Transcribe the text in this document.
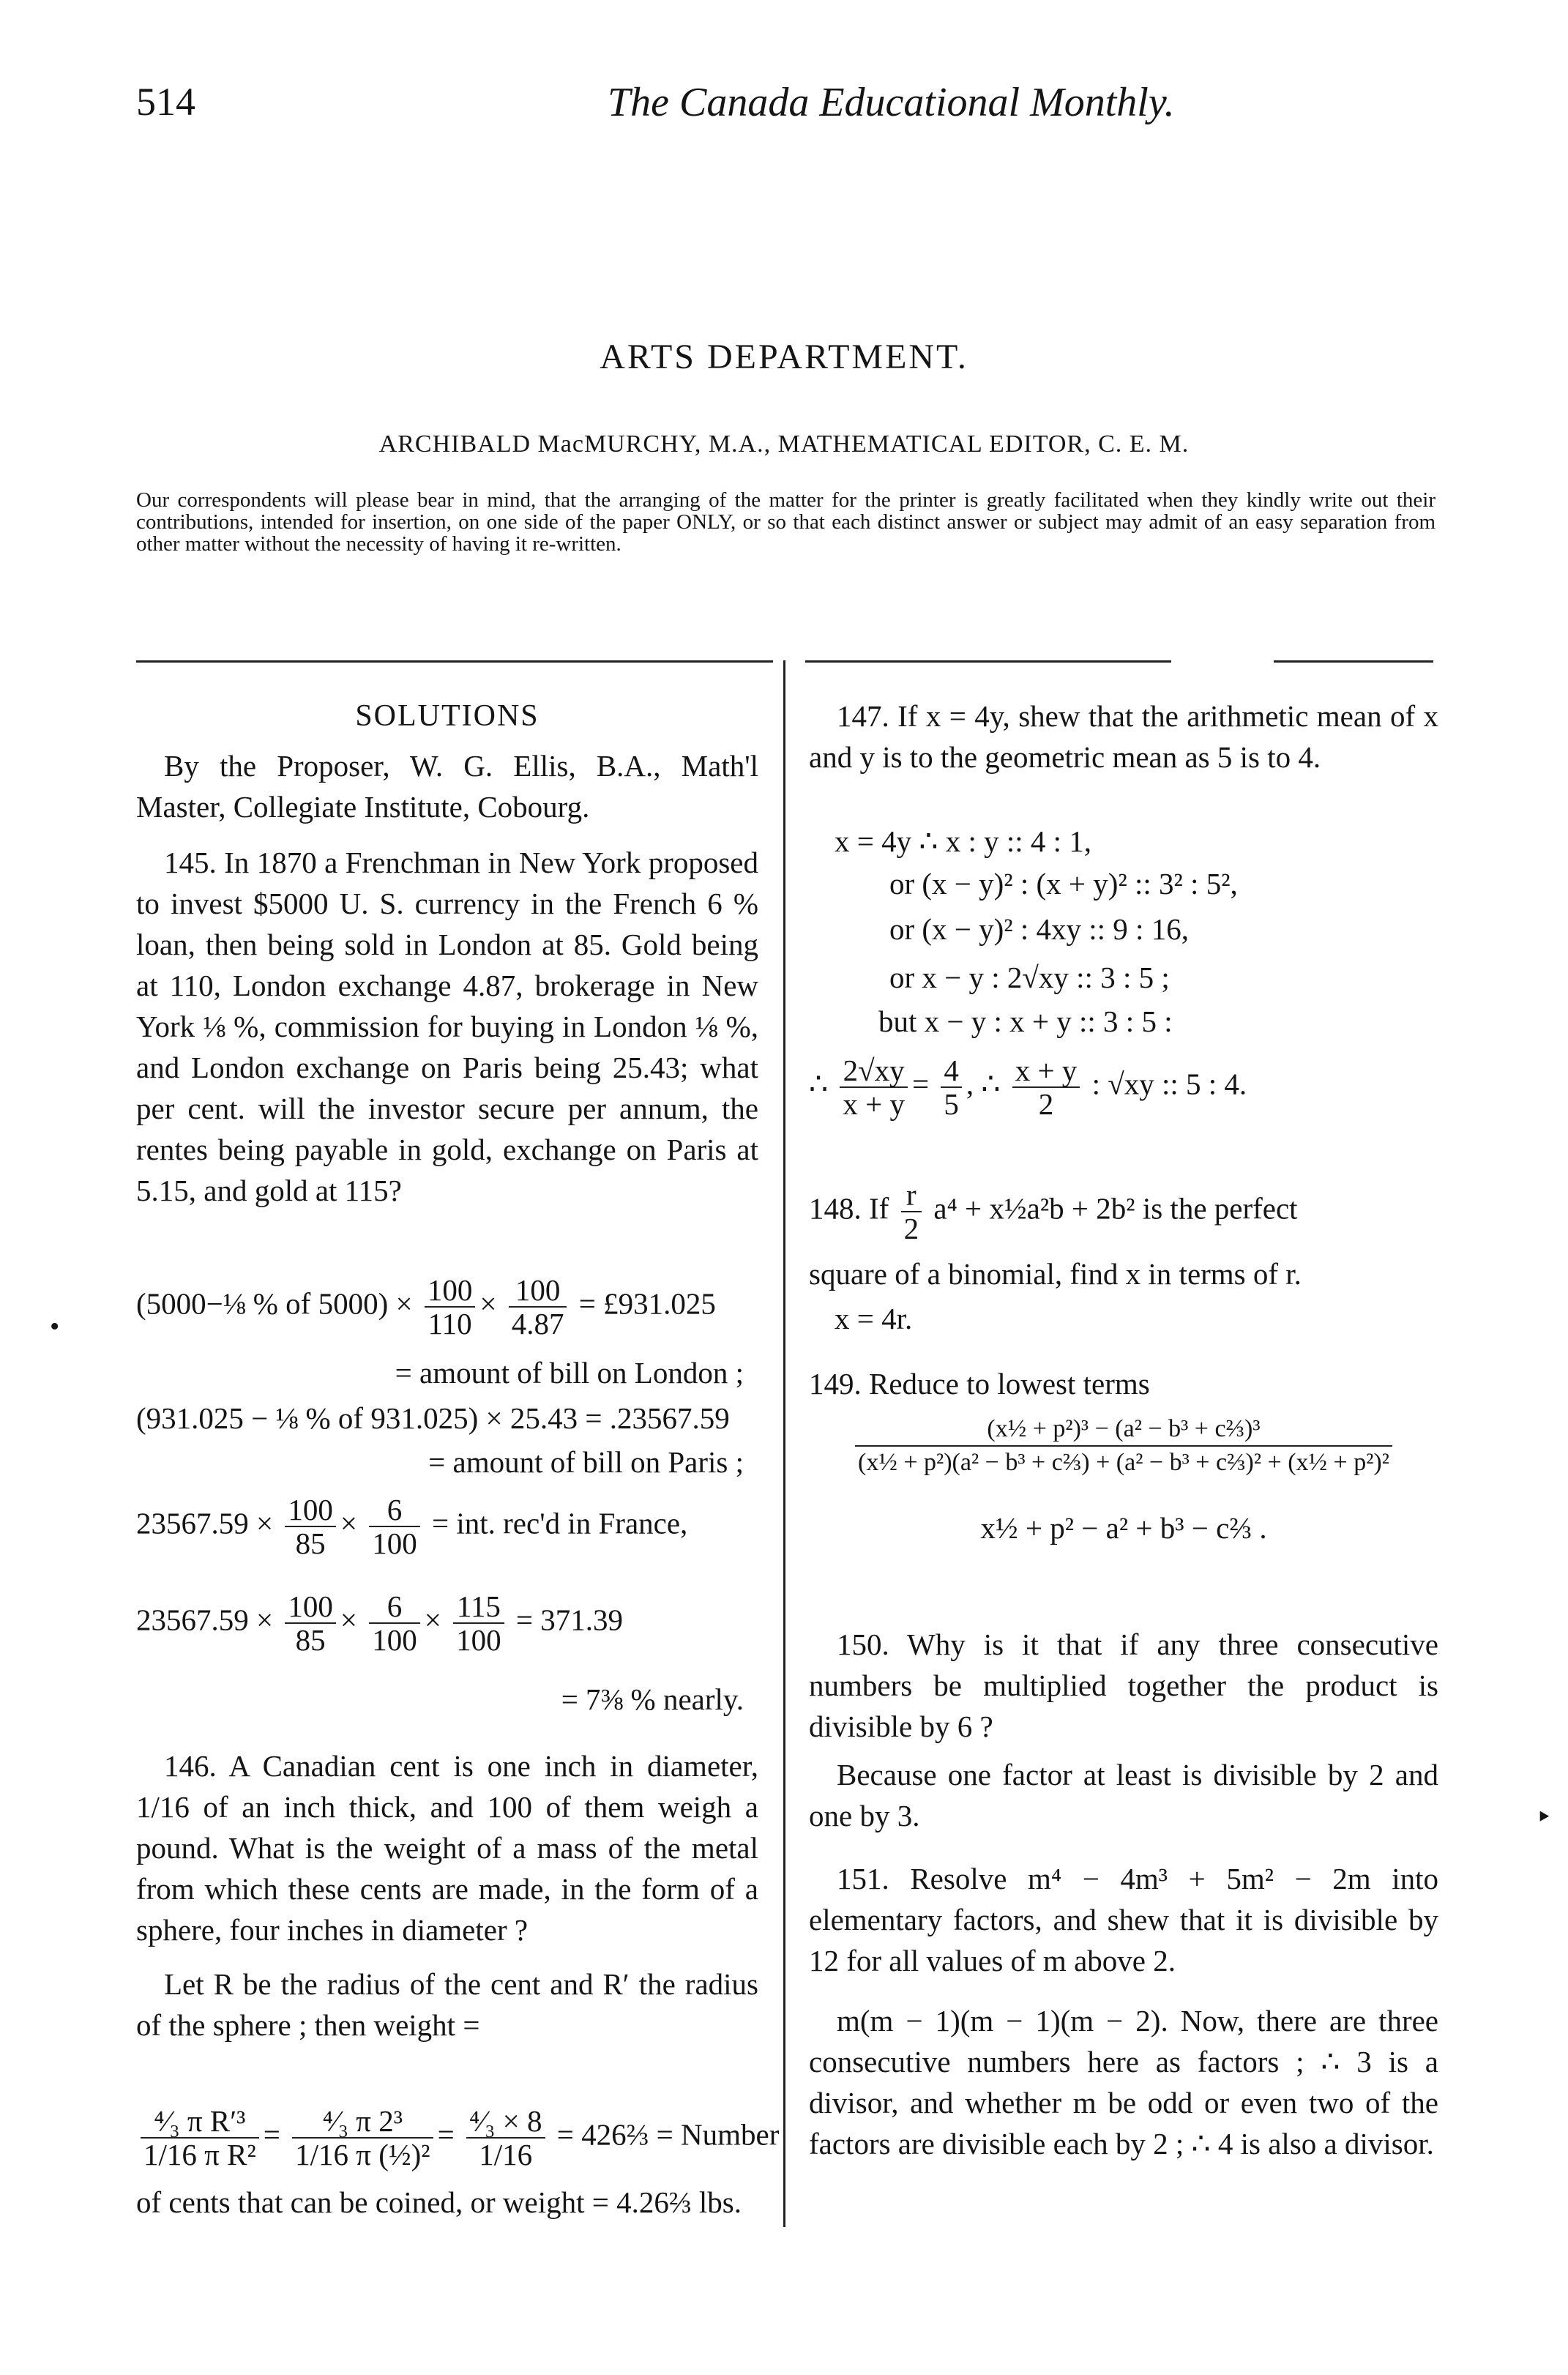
514	The Canada Educational Monthly.
ARTS DEPARTMENT.
ARCHIBALD MacMURCHY, M.A., MATHEMATICAL EDITOR, C. E. M.
Our correspondents will please bear in mind, that the arranging of the matter for the printer is greatly facilitated when they kindly write out their contributions, intended for insertion, on one side of the paper ONLY, or so that each distinct answer or subject may admit of an easy separation from other matter without the necessity of having it re-written.

SOLUTIONS

By the Proposer, W. G. Ellis, B.A., Math'l Master, Collegiate Institute, Cobourg.

145. In 1870 a Frenchman in New York proposed to invest $5000 U. S. currency in the French 6 % loan, then being sold in London at 85. Gold being at 110, London exchange 4.87, brokerage in New York ⅛ %, commission for buying in London ⅛ %, and London exchange on Paris being 25.43; what per cent. will the investor secure per annum, the rentes being payable in gold, exchange on Paris at 5.15, and gold at 115?

(5000−⅛ % of $5000) \times \frac{100}{110} \times \frac{100}{4.87}$ = £931.025
= amount of bill on London ;
(931.025 − ⅛ % of 931.025) × 25.43 = .23567.59
= amount of bill on Paris ;
$23567.59 \times \frac{100}{85} \times \frac{6}{100}$ = int. rec'd in France,
$23567.59 \times \frac{100}{85} \times \frac{6}{100} \times \frac{115}{100} = 371.39$
= 7⅜ % nearly.

146. A Canadian cent is one inch in diameter, 1/16 of an inch thick, and 100 of them weigh a pound. What is the weight of a mass of the metal from which these cents are made, in the form of a sphere, four inches in diameter ?

Let R be the radius of the cent and R′ the radius of the sphere ; then weight =

$\frac{\text{⁴⁄₃ π R′³}}{\text{1/16 π R²}} = \frac{\text{⁴⁄₃ π 2³}}{\text{1/16 π (½)²}} = \frac{\text{⁴⁄₃ × 8}}{1/16}$ = 426⅔ = Number
of cents that can be coined, or weight = 4.26⅔ lbs.

147. If x = 4y, shew that the arithmetic mean of x and y is to the geometric mean as 5 is to 4.

x = 4y ∴ x : y :: 4 : 1,
or (x − y)² : (x + y)² :: 3² : 5²,
or (x − y)² : 4xy :: 9 : 16,
or x − y : 2√xy :: 3 : 5 ;
but x − y : x + y :: 3 : 5 :
∴ $\frac{2√xy}{x + y} = \frac{4}{5}$ , ∴ $\frac{x + y}{2}$ : √xy :: 5 : 4.
148. If $\frac{r}{2} a^4$ + x½a²b + 2b² is the perfect
square of a binomial, find x in terms of r.
x = 4r.
149. Reduce to lowest terms
$\frac{\text{(x½ + p²)³ − (a² − b³ + c⅔)³}}{\text{(x½ + p²)(a² − b³ + c⅔) + (a² − b³ + c⅔)² + (x½ + p²)²}}$
x½ + p² − a² + b³ − c⅔ .

150. Why is it that if any three consecutive numbers be multiplied together the product is divisible by 6 ?

Because one factor at least is divisible by 2 and one by 3.

151. Resolve m⁴ − 4m³ + 5m² − 2m into elementary factors, and shew that it is divisible by 12 for all values of m above 2.

m(m − 1)(m − 1)(m − 2). Now, there are three consecutive numbers here as factors ; ∴ 3 is a divisor, and whether m be odd or even two of the factors are divisible each by 2 ; ∴ 4 is also a divisor.

•
‣
